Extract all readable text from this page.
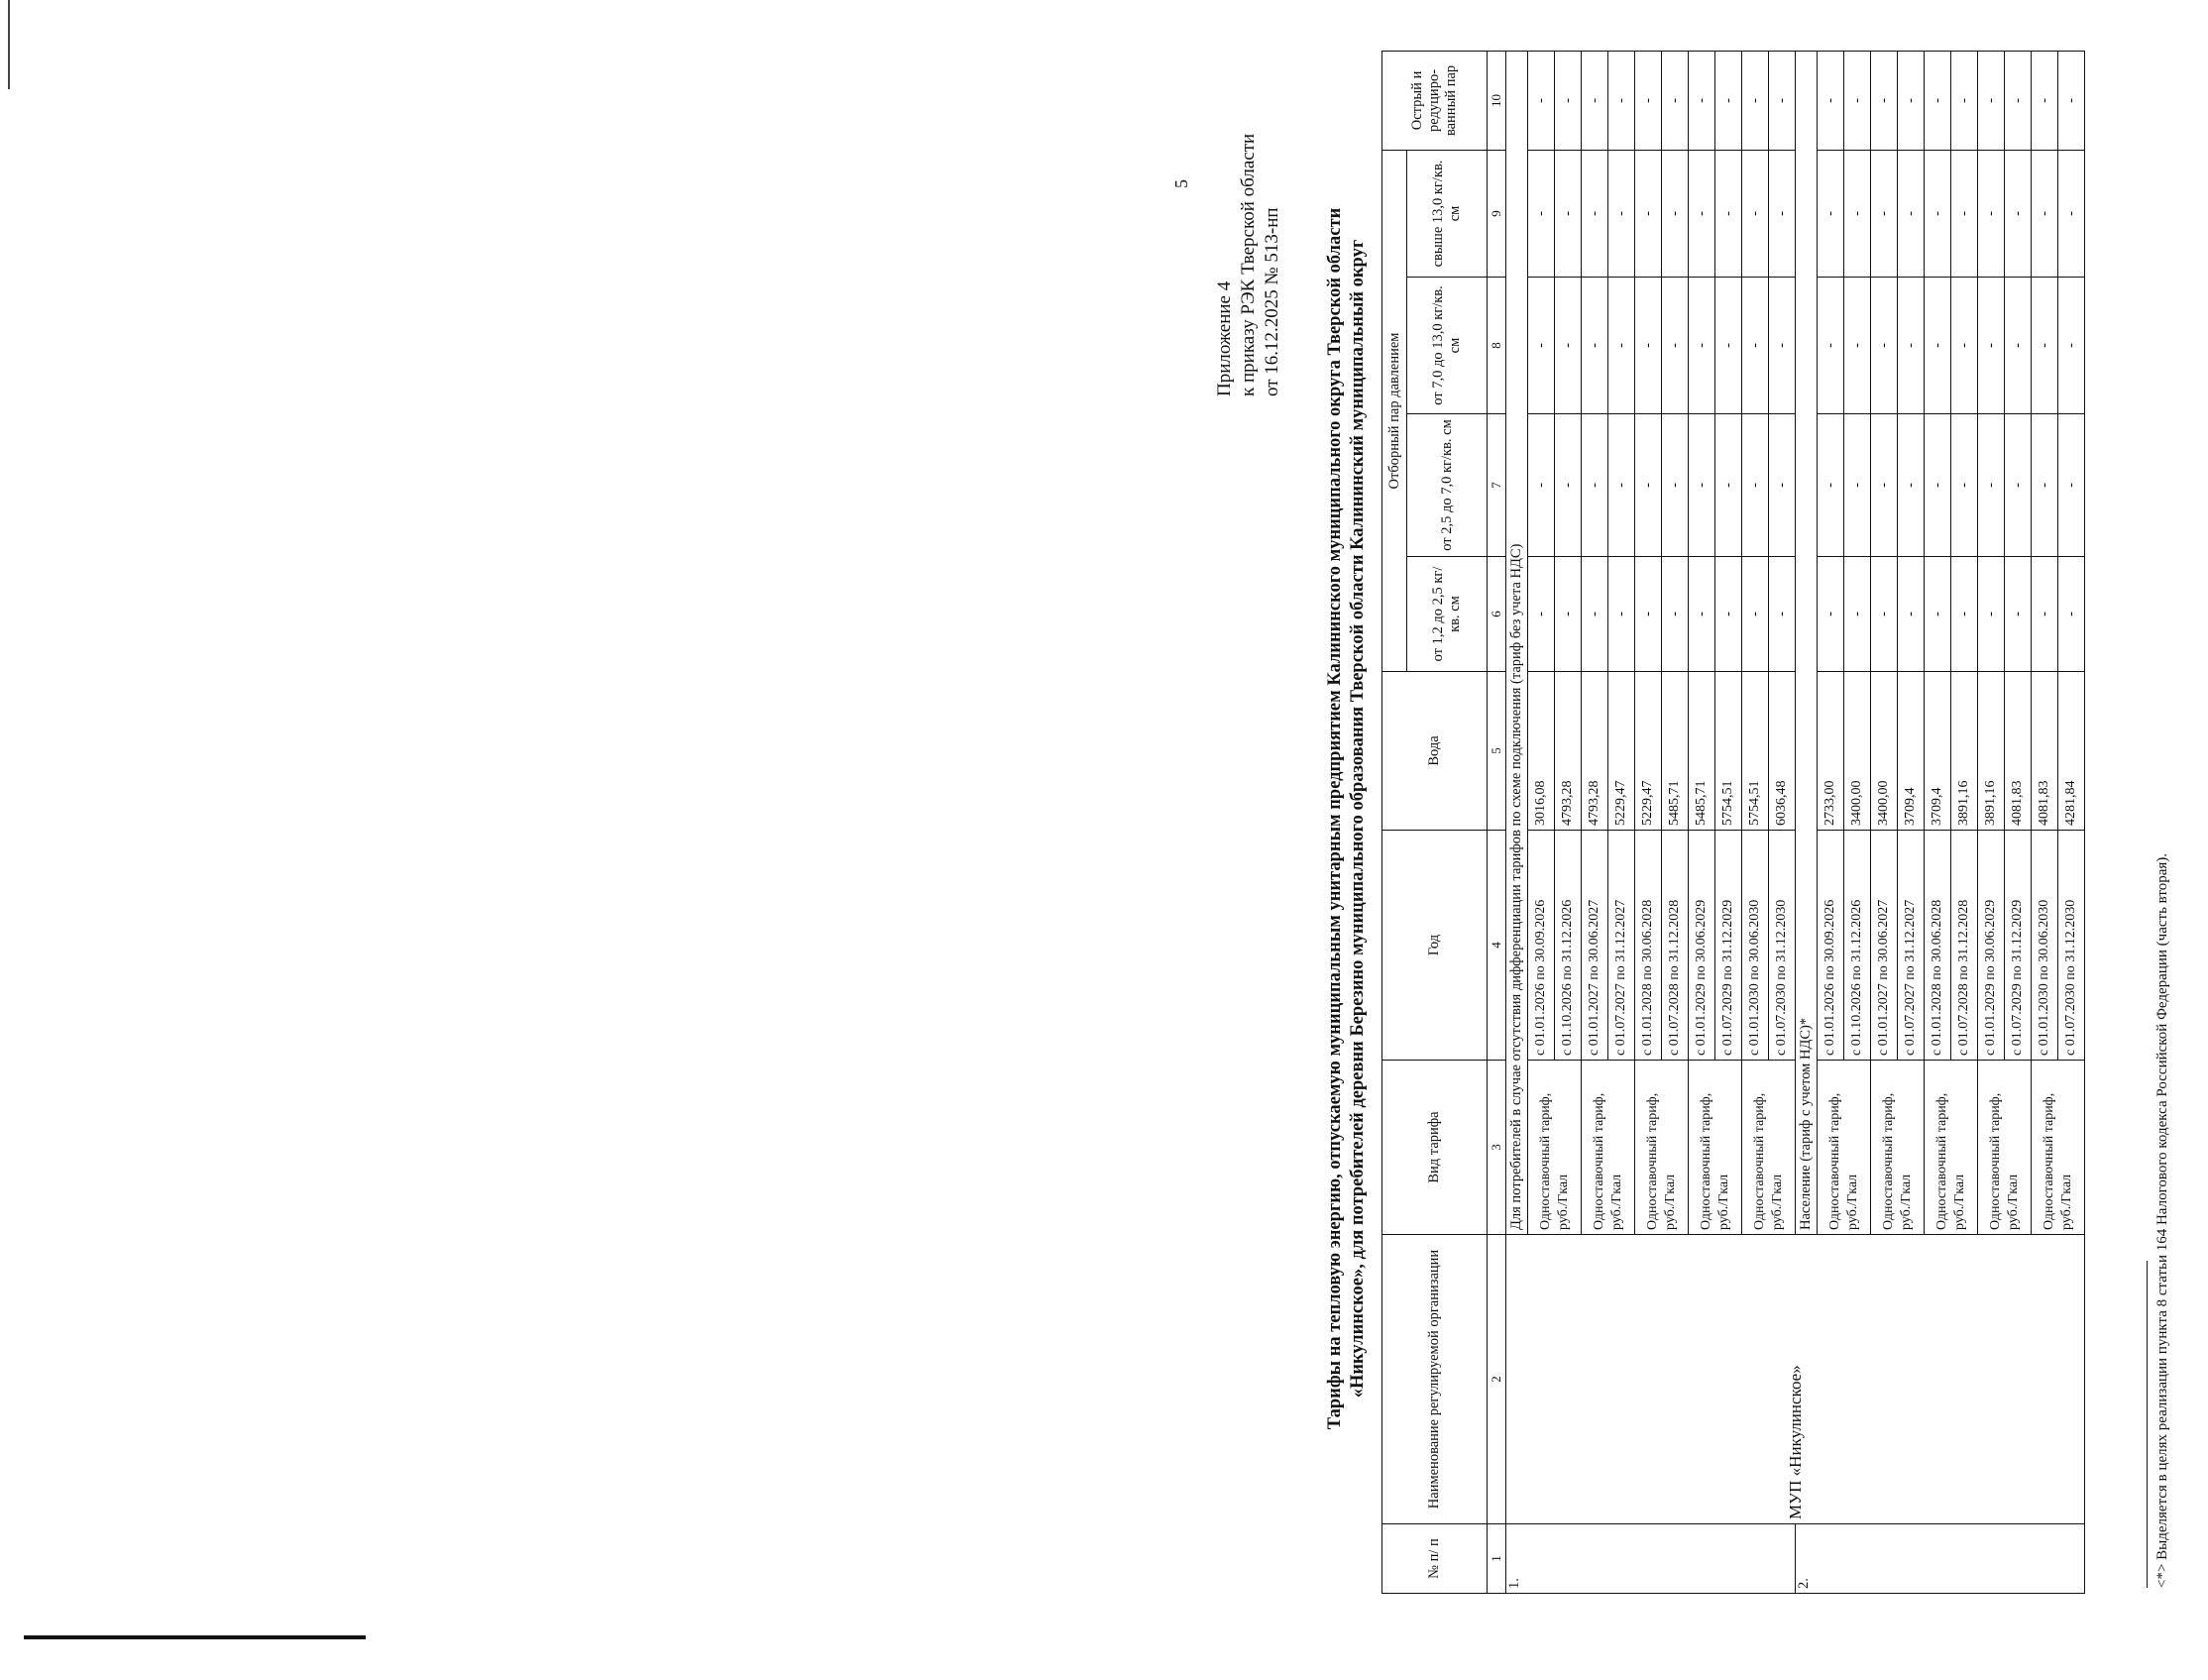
5
Приложение 4 к приказу РЭК Тверской области от 16.12.2025 № 513-нп Тарифы на тепловую энергию, отпускаемую муниципальным унитарным предприятием Калининского муниципального округа Тверской области «Никулинское», для потребителей деревни Березино муниципального образования Тверской области Калининский муниципальный округ
№ п/ п	Наименование регулируемой организации	Вид тарифа	Год	Вода	Отборный пар давлением				Острый и редуциро-ванный пар
					от 1,2 до 2,5 кг/кв. см	от 2,5 до 7,0 кг/кв. см	от 7,0 до 13,0 кг/кв. см	свыше 13,0 кг/кв. см	
1	2	3	4	5	6	7	8	9	10
1.	МУП «Никулинское»	Для потребителей в случае отсутствия дифференциации тарифов по схеме подключения (тариф без учета НДС)							
		Одноставочный тариф, руб./Гкал	с 01.01.2026 по 30.09.2026	3016,08	-	-	-	-	-
			с 01.10.2026 по 31.12.2026	4793,28	-	-	-	-	-
		Одноставочный тариф, руб./Гкал	с 01.01.2027 по 30.06.2027	4793,28	-	-	-	-	-
			с 01.07.2027 по 31.12.2027	5229,47	-	-	-	-	-
		Одноставочный тариф, руб./Гкал	с 01.01.2028 по 30.06.2028	5229,47	-	-	-	-	-
			с 01.07.2028 по 31.12.2028	5485,71	-	-	-	-	-
		Одноставочный тариф, руб./Гкал	с 01.01.2029 по 30.06.2029	5485,71	-	-	-	-	-
			с 01.07.2029 по 31.12.2029	5754,51	-	-	-	-	-
		Одноставочный тариф, руб./Гкал	с 01.01.2030 по 30.06.2030	5754,51	-	-	-	-	-
			с 01.07.2030 по 31.12.2030	6036,48	-	-	-	-	-
2.		Население (тариф с учетом НДС)*							
		Одноставочный тариф, руб./Гкал	с 01.01.2026 по 30.09.2026	2733,00	-	-	-	-	-
			с 01.10.2026 по 31.12.2026	3400,00	-	-	-	-	-
		Одноставочный тариф, руб./Гкал	с 01.01.2027 по 30.06.2027	3400,00	-	-	-	-	-
			с 01.07.2027 по 31.12.2027	3709,4	-	-	-	-	-
		Одноставочный тариф, руб./Гкал	с 01.01.2028 по 30.06.2028	3709,4	-	-	-	-	-
			с 01.07.2028 по 31.12.2028	3891,16	-	-	-	-	-
		Одноставочный тариф, руб./Гкал	с 01.01.2029 по 30.06.2029	3891,16	-	-	-	-	-
			с 01.07.2029 по 31.12.2029	4081,83	-	-	-	-	-
		Одноставочный тариф, руб./Гкал	с 01.01.2030 по 30.06.2030	4081,83	-	-	-	-	-
			с 01.07.2030 по 31.12.2030	4281,84	-	-	-	-	-
<*> Выделяется в целях реализации пункта 8 статьи 164 Налогового кодекса Российской Федерации (часть вторая).
